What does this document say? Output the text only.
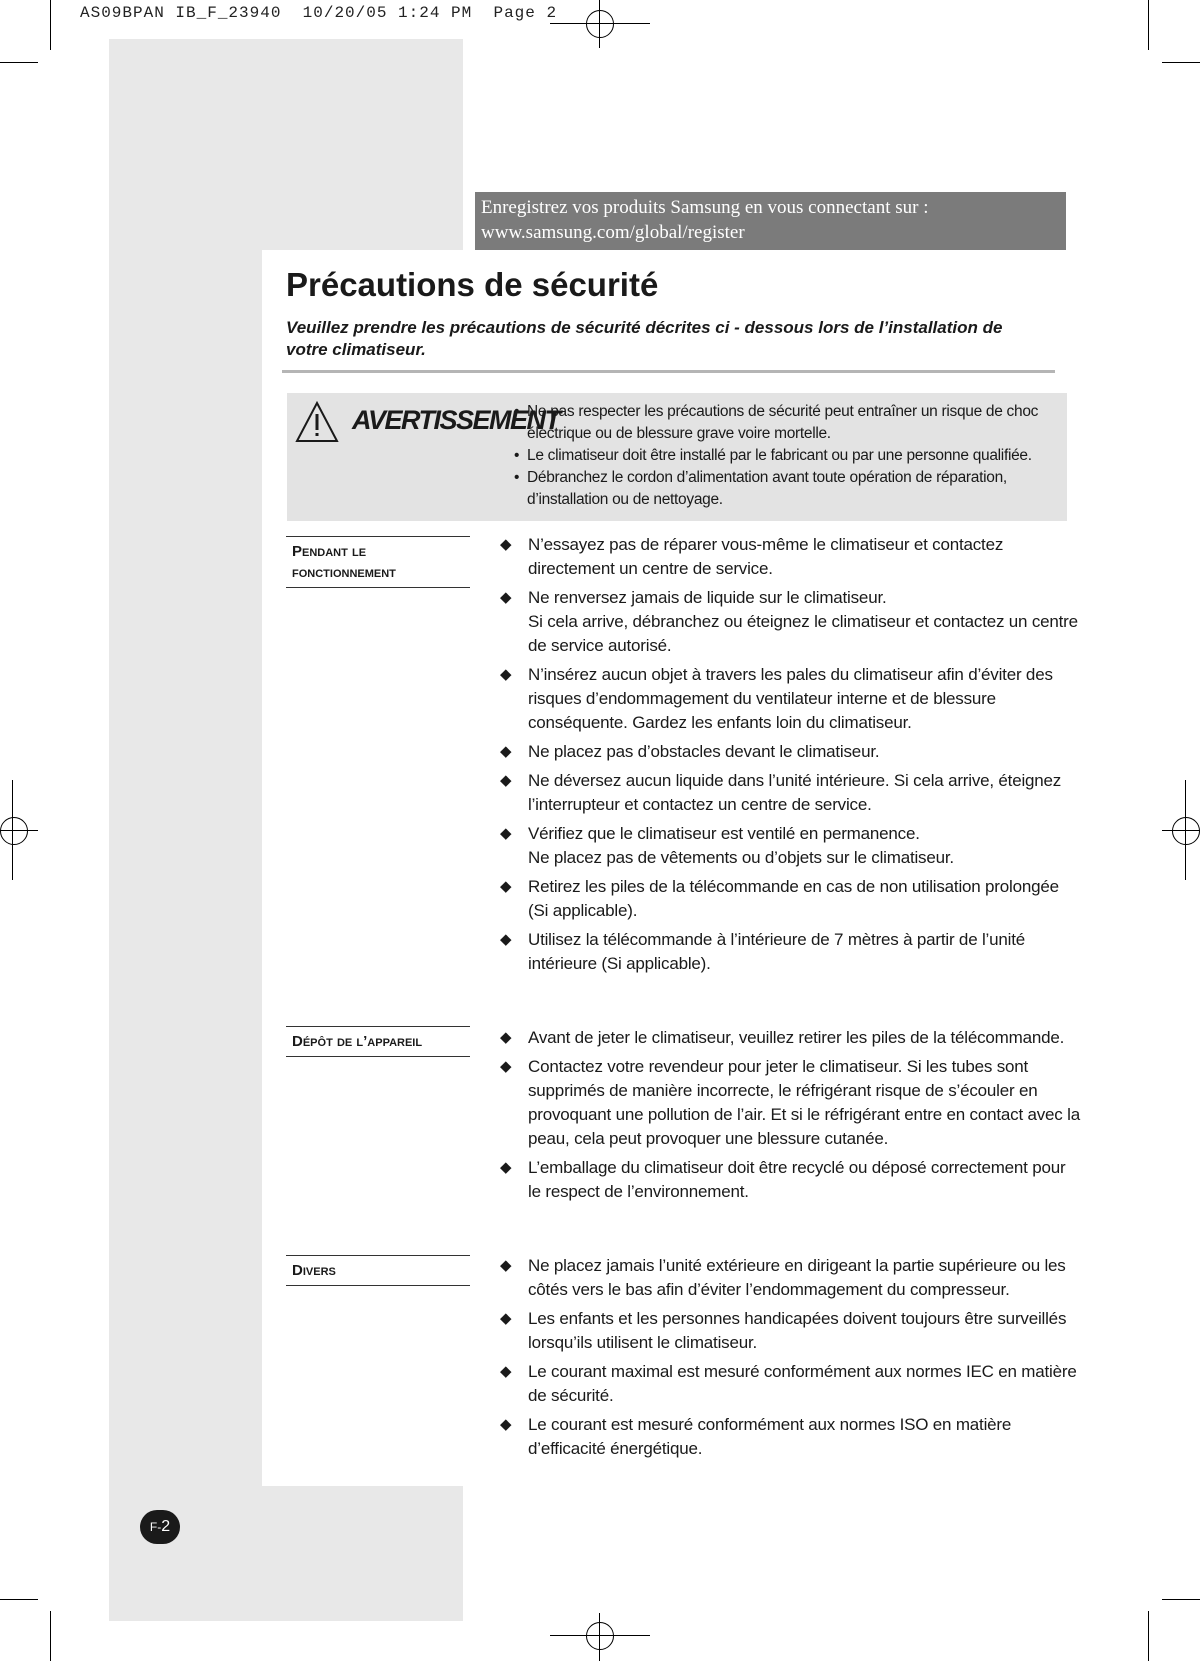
AS09BPAN IB_F_23940  10/20/05 1:24 PM  Page 2
Enregistrez vos produits Samsung en vous connectant sur :
www.samsung.com/global/register
Précautions de sécurité

Veuillez prendre les précautions de sécurité décrites ci - dessous lors de l’installation de votre climatiseur.

AVERTISSEMENT
• Ne pas respecter les précautions de sécurité peut entraîner un risque de choc électrique ou de blessure grave voire mortelle.
• Le climatiseur doit être installé par le fabricant ou par une personne qualifiée.
• Débranchez le cordon d’alimentation avant toute opération de réparation, d’installation ou de nettoyage.
Pendant le
fonctionnement
◆ N’essayez pas de réparer vous-même le climatiseur et contactez directement un centre de service.
◆ Ne renversez jamais de liquide sur le climatiseur.
Si cela arrive, débranchez ou éteignez le climatiseur et contactez un centre de service autorisé.
◆ N’insérez aucun objet à travers les pales du climatiseur afin d’éviter des risques d’endommagement du ventilateur interne et de blessure conséquente. Gardez les enfants loin du climatiseur.
◆ Ne placez pas d’obstacles devant le climatiseur.
◆ Ne déversez aucun liquide dans l’unité intérieure. Si cela arrive, éteignez l’interrupteur et contactez un centre de service.
◆ Vérifiez que le climatiseur est ventilé en permanence.
Ne placez pas de vêtements ou d’objets sur le climatiseur.
◆ Retirez les piles de la télécommande en cas de non utilisation prolongée (Si applicable).
◆ Utilisez la télécommande à l’intérieure de 7 mètres à partir de l’unité intérieure (Si applicable).
Dépôt de l’appareil	◆ Avant de jeter le climatiseur, veuillez retirer les piles de la télécommande.
◆ Contactez votre revendeur pour jeter le climatiseur. Si les tubes sont supprimés de manière incorrecte, le réfrigérant risque de s’écouler en provoquant une pollution de l’air. Et si le réfrigérant entre en contact avec la peau, cela peut provoquer une blessure cutanée.
◆ L’emballage du climatiseur doit être recyclé ou déposé correctement pour le respect de l’environnement.
Divers	◆ Ne placez jamais l’unité extérieure en dirigeant la partie supérieure ou les côtés vers le bas afin d’éviter l’endommagement du compresseur.
◆ Les enfants et les personnes handicapées doivent toujours être surveillés lorsqu’ils utilisent le climatiseur.
◆ Le courant maximal est mesuré conformément aux normes IEC en matière de sécurité.
◆ Le courant est mesuré conformément aux normes ISO en matière d’efficacité énergétique.
F-2
